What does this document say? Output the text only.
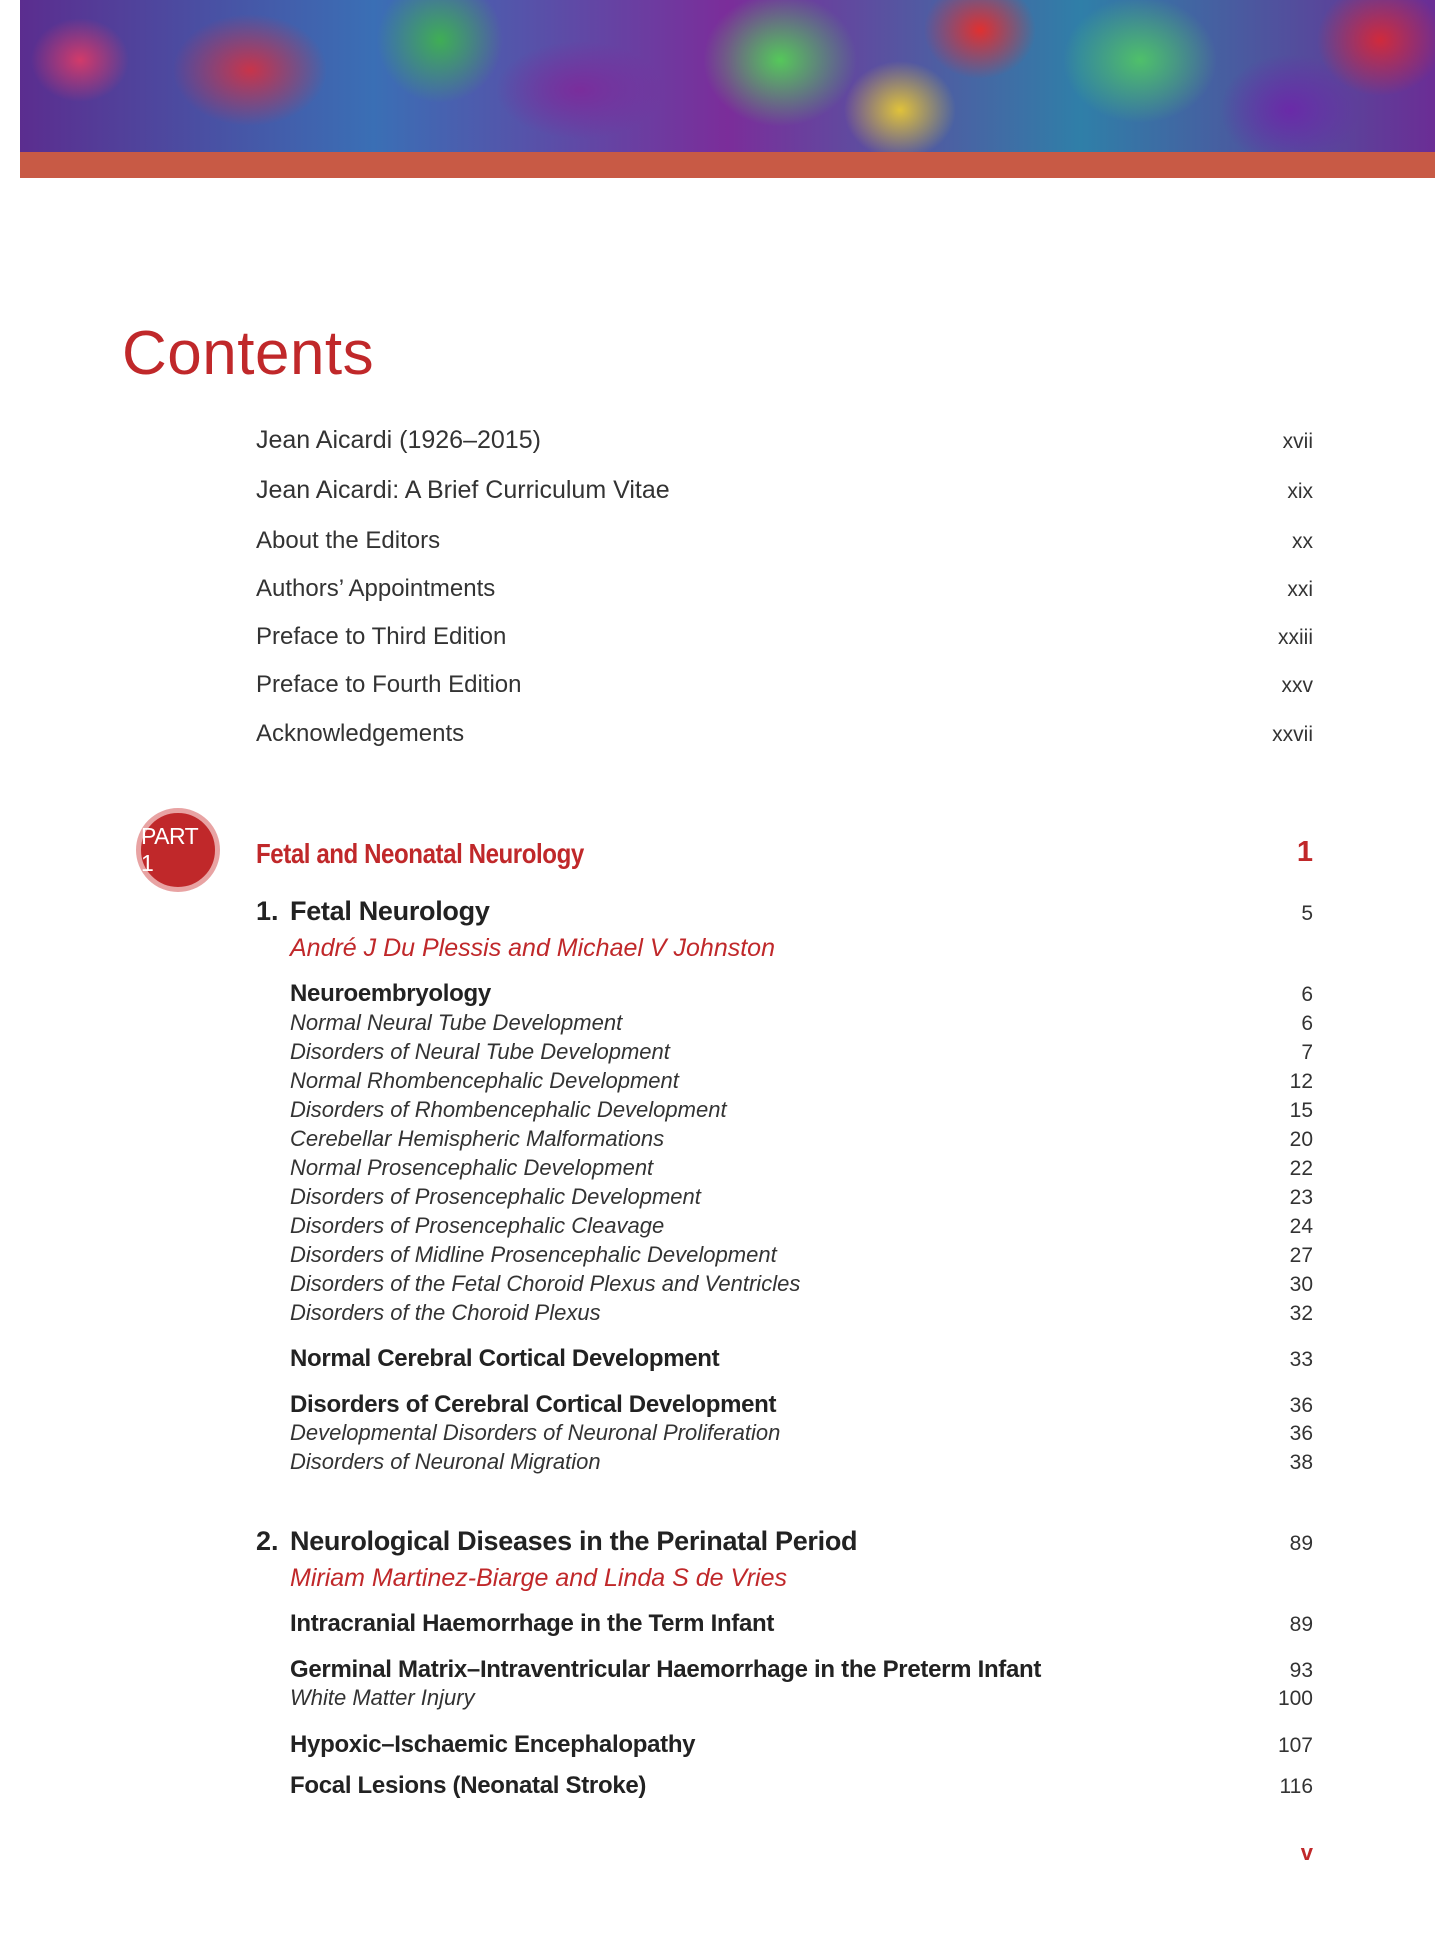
Contents
Jean Aicardi (1926–2015)	xvii
Jean Aicardi: A Brief Curriculum Vitae	xix
About the Editors	xx
Authors’ Appointments	xxi
Preface to Third Edition	xxiii
Preface to Fourth Edition	xxv
Acknowledgements	xxvii
PART 1	Fetal and Neonatal Neurology	1
1. Fetal Neurology	5
André J Du Plessis and Michael V Johnston
Neuroembryology	6
Normal Neural Tube Development	6
Disorders of Neural Tube Development	7
Normal Rhombencephalic Development	12
Disorders of Rhombencephalic Development	15
Cerebellar Hemispheric Malformations	20
Normal Prosencephalic Development	22
Disorders of Prosencephalic Development	23
Disorders of Prosencephalic Cleavage	24
Disorders of Midline Prosencephalic Development	27
Disorders of the Fetal Choroid Plexus and Ventricles	30
Disorders of the Choroid Plexus	32
Normal Cerebral Cortical Development	33
Disorders of Cerebral Cortical Development	36
Developmental Disorders of Neuronal Proliferation	36
Disorders of Neuronal Migration	38
2. Neurological Diseases in the Perinatal Period	89
Miriam Martinez-Biarge and Linda S de Vries
Intracranial Haemorrhage in the Term Infant	89
Germinal Matrix–Intraventricular Haemorrhage in the Preterm Infant	93
White Matter Injury	100
Hypoxic–Ischaemic Encephalopathy	107
Focal Lesions (Neonatal Stroke)	116
v
